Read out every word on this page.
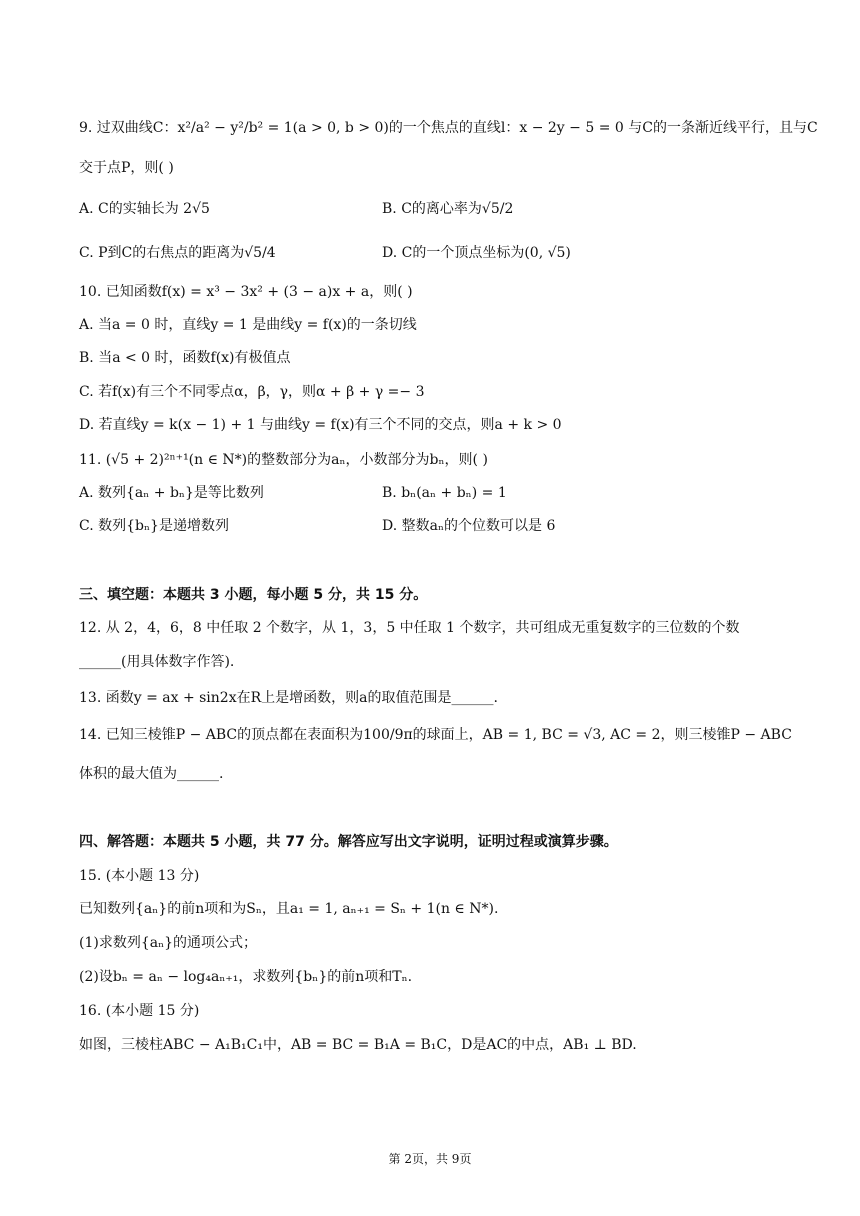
9. 过双曲线C：x²/a² − y²/b² = 1(a > 0, b > 0)的一个焦点的直线l：x − 2y − 5 = 0 与C的一条渐近线平行，且与C
交于点P，则( )
A. C的实轴长为 2√5	B. C的离心率为√5/2
C. P到C的右焦点的距离为√5/4	D. C的一个顶点坐标为(0, √5)
10. 已知函数f(x) = x³ − 3x² + (3 − a)x + a，则( )
A. 当a = 0 时，直线y = 1 是曲线y = f(x)的一条切线
B. 当a < 0 时，函数f(x)有极值点
C. 若f(x)有三个不同零点α，β，γ，则α + β + γ =− 3
D. 若直线y = k(x − 1) + 1 与曲线y = f(x)有三个不同的交点，则a + k > 0
11. (√5 + 2)²ⁿ⁺¹(n ∈ N*)的整数部分为aₙ，小数部分为bₙ，则( )
A. 数列{aₙ + bₙ}是等比数列	B. bₙ(aₙ + bₙ) = 1
C. 数列{bₙ}是递增数列	D. 整数aₙ的个位数可以是 6
三、填空题：本题共 3 小题，每小题 5 分，共 15 分。
12. 从 2，4，6，8 中任取 2 个数字，从 1，3，5 中任取 1 个数字，共可组成无重复数字的三位数的个数
______(用具体数字作答).
13. 函数y = ax + sin2x在R上是增函数，则a的取值范围是______.
14. 已知三棱锥P − ABC的顶点都在表面积为100/9π的球面上，AB = 1, BC = √3, AC = 2，则三棱锥P − ABC
体积的最大值为______.
四、解答题：本题共 5 小题，共 77 分。解答应写出文字说明，证明过程或演算步骤。
15. (本小题 13 分)
已知数列{aₙ}的前n项和为Sₙ，且a₁ = 1, aₙ₊₁ = Sₙ + 1(n ∈ N*).
(1)求数列{aₙ}的通项公式；
(2)设bₙ = aₙ − log₄aₙ₊₁，求数列{bₙ}的前n项和Tₙ.
16. (本小题 15 分)
如图，三棱柱ABC − A₁B₁C₁中，AB = BC = B₁A = B₁C，D是AC的中点，AB₁ ⊥ BD.
第 2页，共 9页
